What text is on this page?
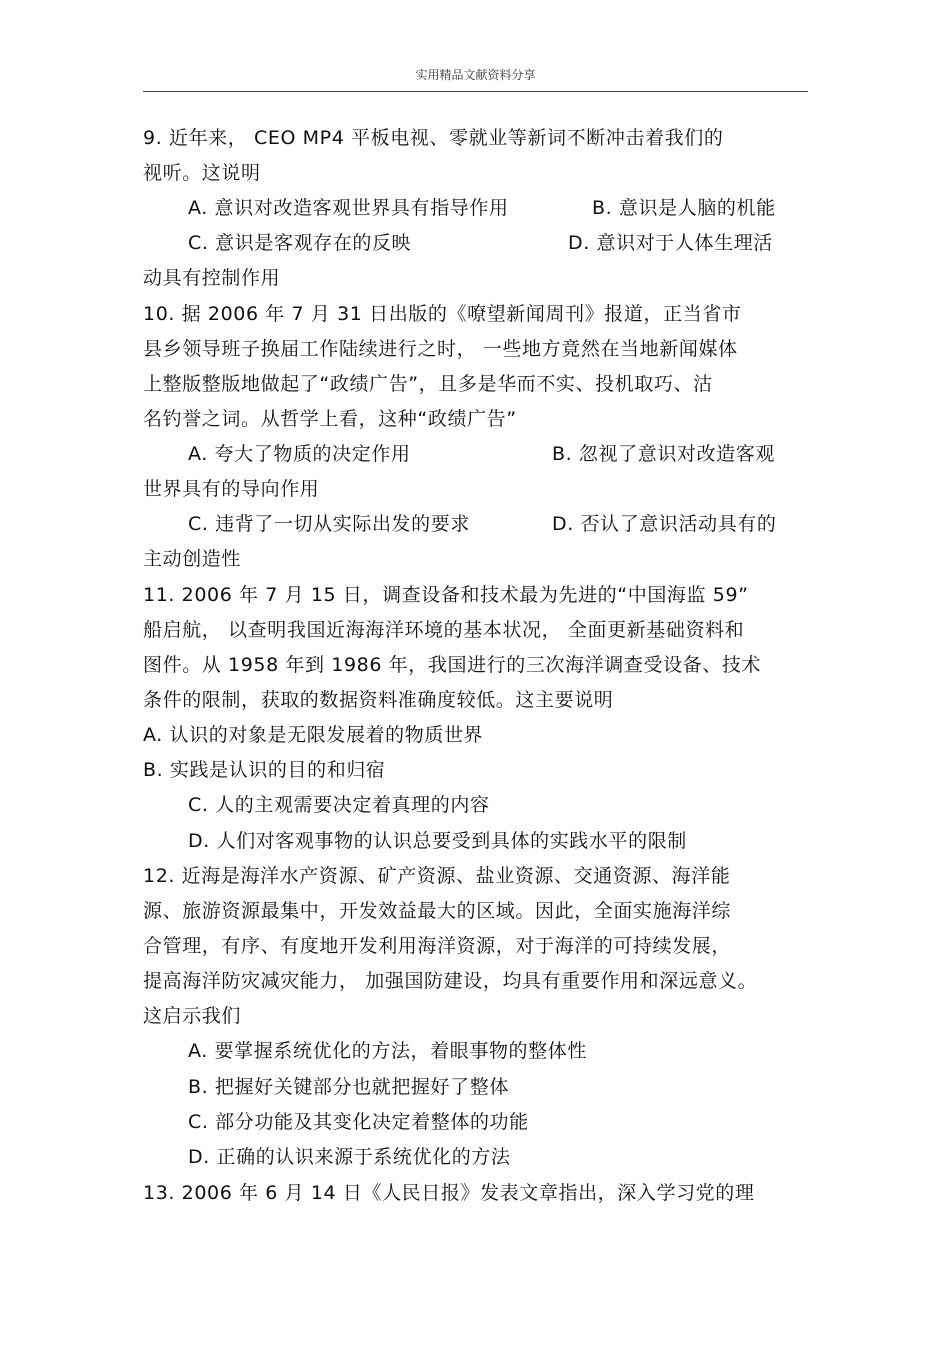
实用精品文献资料分享
9. 近年来， CEO MP4 平板电视、零就业等新词不断冲击着我们的
视听。这说明
A. 意识对改造客观世界具有指导作用	B. 意识是人脑的机能
C. 意识是客观存在的反映	D. 意识对于人体生理活
动具有控制作用
10. 据 2006 年 7 月 31 日出版的《嘹望新闻周刊》报道，正当省市
县乡领导班子换届工作陆续进行之时， 一些地方竟然在当地新闻媒体
上整版整版地做起了“政绩广告”，且多是华而不实、投机取巧、沽
名钓誉之词。从哲学上看，这种“政绩广告”
A. 夸大了物质的决定作用	B. 忽视了意识对改造客观
世界具有的导向作用
C. 违背了一切从实际出发的要求	D. 否认了意识活动具有的
主动创造性
11. 2006 年 7 月 15 日，调查设备和技术最为先进的“中国海监 59”
船启航， 以查明我国近海海洋环境的基本状况， 全面更新基础资料和
图件。从 1958 年到 1986 年，我国进行的三次海洋调查受设备、技术
条件的限制，获取的数据资料准确度较低。这主要说明
A. 认识的对象是无限发展着的物质世界
B. 实践是认识的目的和归宿
C. 人的主观需要决定着真理的内容
D. 人们对客观事物的认识总要受到具体的实践水平的限制
12. 近海是海洋水产资源、矿产资源、盐业资源、交通资源、海洋能
源、旅游资源最集中，开发效益最大的区域。因此，全面实施海洋综
合管理，有序、有度地开发利用海洋资源，对于海洋的可持续发展，
提高海洋防灾减灾能力， 加强国防建设，均具有重要作用和深远意义。
这启示我们
A. 要掌握系统优化的方法，着眼事物的整体性
B. 把握好关键部分也就把握好了整体
C. 部分功能及其变化决定着整体的功能
D. 正确的认识来源于系统优化的方法
13. 2006 年 6 月 14 日《人民日报》发表文章指出，深入学习党的理
